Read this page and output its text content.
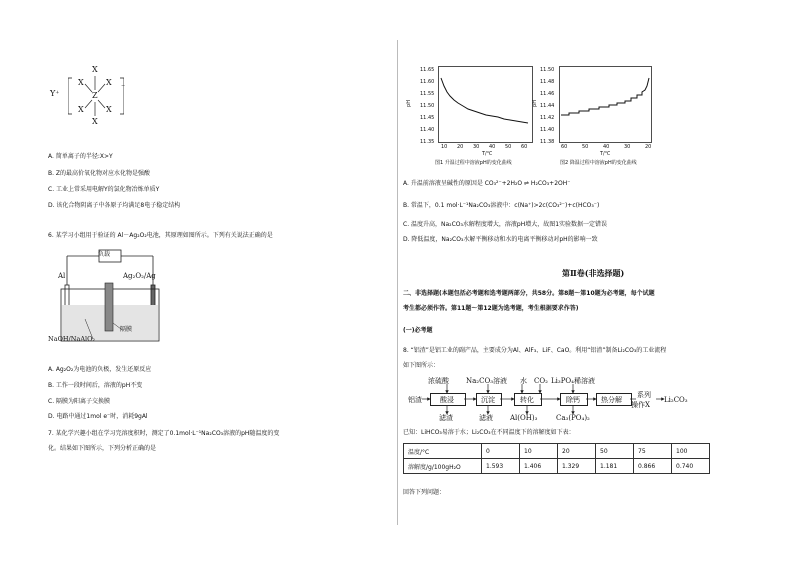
Y⁺
X
X	X
Z
X	X
X
⁻
A. 简单离子的半径:X>Y
B. Z的最高价氧化物对应水化物是强酸
C. 工业上常采用电解Y的氯化物冶炼单质Y
D. 该化合物阴离子中各原子均满足8电子稳定结构
6. 某学习小组用于验证的 Al－Ag₂O₂电池，其原理如图所示。下列有关说法正确的是
负载
Al	Ag₂O₂/Ag
隔膜
NaOH/NaAlO₂
A. Ag₂O₂为电池的负极，发生还原反应
B. 工作一段时间后，溶液的pH不变
C. 隔膜为阳离子交换膜
D. 电路中通过1mol e⁻时，消耗9gAl
7. 某化学兴趣小组在学习完溶度积时，测定了0.1mol·L⁻¹Na₂CO₃溶液的pH随温度的变
化。结果如下图所示，下列分析正确的是
pH
11.65
11.60
11.55
11.50
11.45
11.40
11.35
10 20 30 40 50 60
T/℃
图1 升温过程中溶液pH的变化曲线
pH
11.50
11.48
11.46
11.44
11.42
11.40
11.38
60	50	40	30	20
T/℃
图2 降温过程中溶液pH的变化曲线
A. 升温前溶液呈碱性的原因是 CO₃²⁻+2H₂O ⇌ H₂CO₃+2OH⁻
B. 常温下，0.1 mol·L⁻¹Na₂CO₃溶液中：c(Na⁺)>2c(CO₃²⁻)+c(HCO₃⁻)
C. 温度升高，Na₂CO₃水解程度增大，溶液pH增大，故图1实验数据一定错误
D. 降低温度，Na₂CO₃水解平衡移动和水的电离平衡移动对pH的影响一致
第Ⅱ卷(非选择题)
二、非选择题(本题包括必考题和选考题两部分，共58分。第8题～第10题为必考题，每个试题
考生都必须作答。第11题～第12题为选考题，考生根据要求作答)
(一)必考题
8. “铝渣”是铝工业的副产品，主要成分为Al、AlF₃、LiF、CaO。利用“铝渣”制备Li₂CO₃的工业流程
如下图所示：
浓硫酸 Na₂CO₃溶液 水 CO₂ Li₃PO₄稀溶液
铝渣	酸浸	沉淀	转化	除钙	热分解
系列
操作X
Li₂CO₃
滤渣	滤液 Al(OH)₃	Ca₃(PO₄)₂
已知：LiHCO₃易溶于水；Li₂CO₃在不同温度下的溶解度如下表：
温度/°C	0	10	20	50	75	100
溶解度/g/100gH₂O	1.593	1.406	1.329	1.181	0.866	0.740
回答下列问题：
